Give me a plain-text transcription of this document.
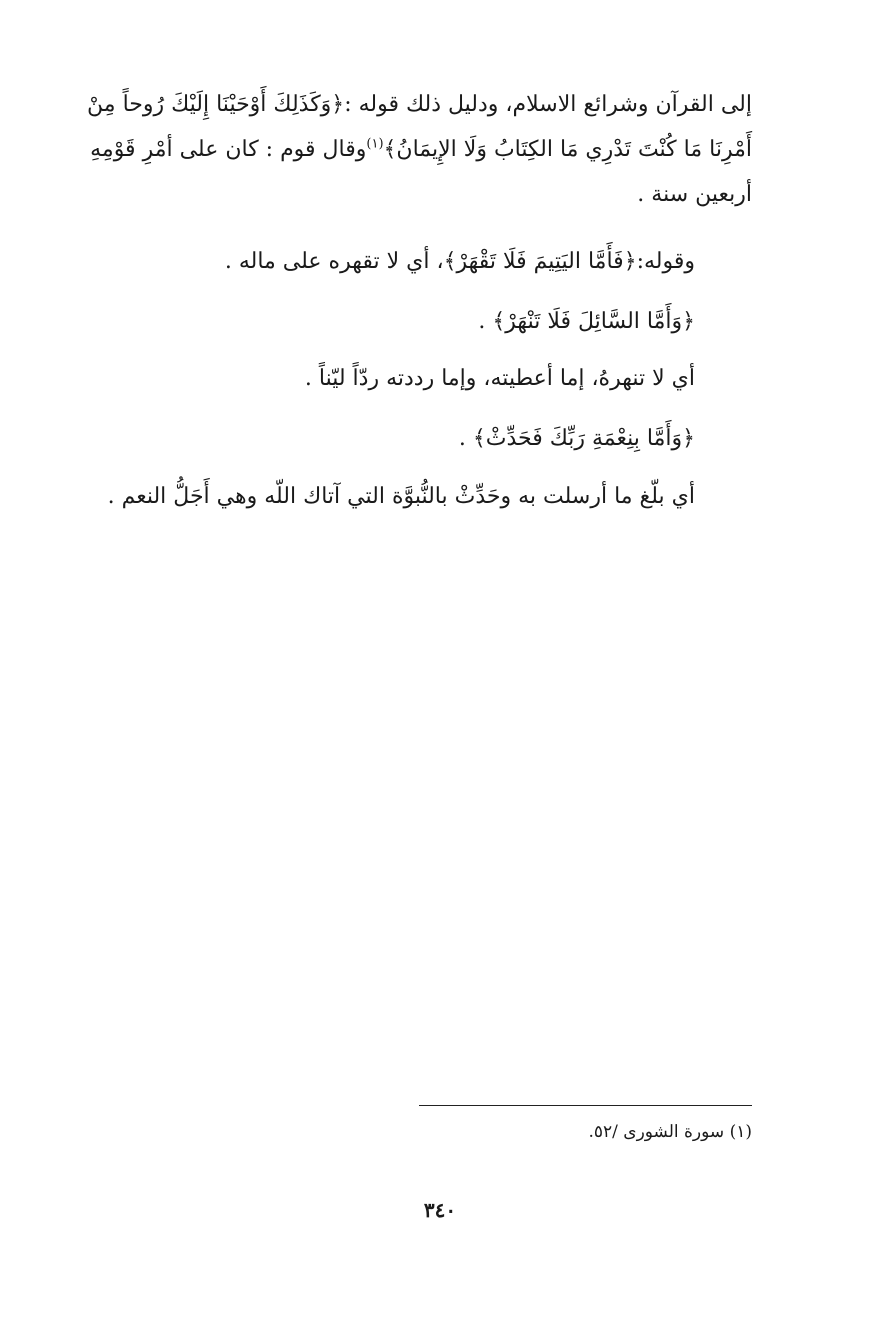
إلى القرآن وشرائع الاسلام، ودليل ذلك قوله :﴿وَكَذَلِكَ أَوْحَيْنَا إِلَيْكَ رُوحاً مِنْ
أَمْرِنَا مَا كُنْتَ تَدْرِي مَا الكِتَابُ وَلَا الإِيمَانُ﴾$^{(١)}$وقال قوم : كان على أمْرِ قَوْمِهِ
أربعين سنة .
وقوله:﴿فَأَمَّا اليَتِيمَ فَلَا تَقْهَرْ﴾، أي لا تقهره على ماله .
﴿وَأَمَّا السَّائِلَ فَلَا تَنْهَرْ﴾ .
أي لا تنهرهُ، إما أعطيته، وإما رددته ردّاً ليّناً .
﴿وَأَمَّا بِنِعْمَةِ رَبِّكَ فَحَدِّثْ﴾ .
أي بلّغ ما أرسلت به وحَدِّثْ بالنُّبوَّة التي آتاك اللّه وهي أَجَلُّ النعم .
(١) سورة الشورى /٥٢.
٣٤٠
